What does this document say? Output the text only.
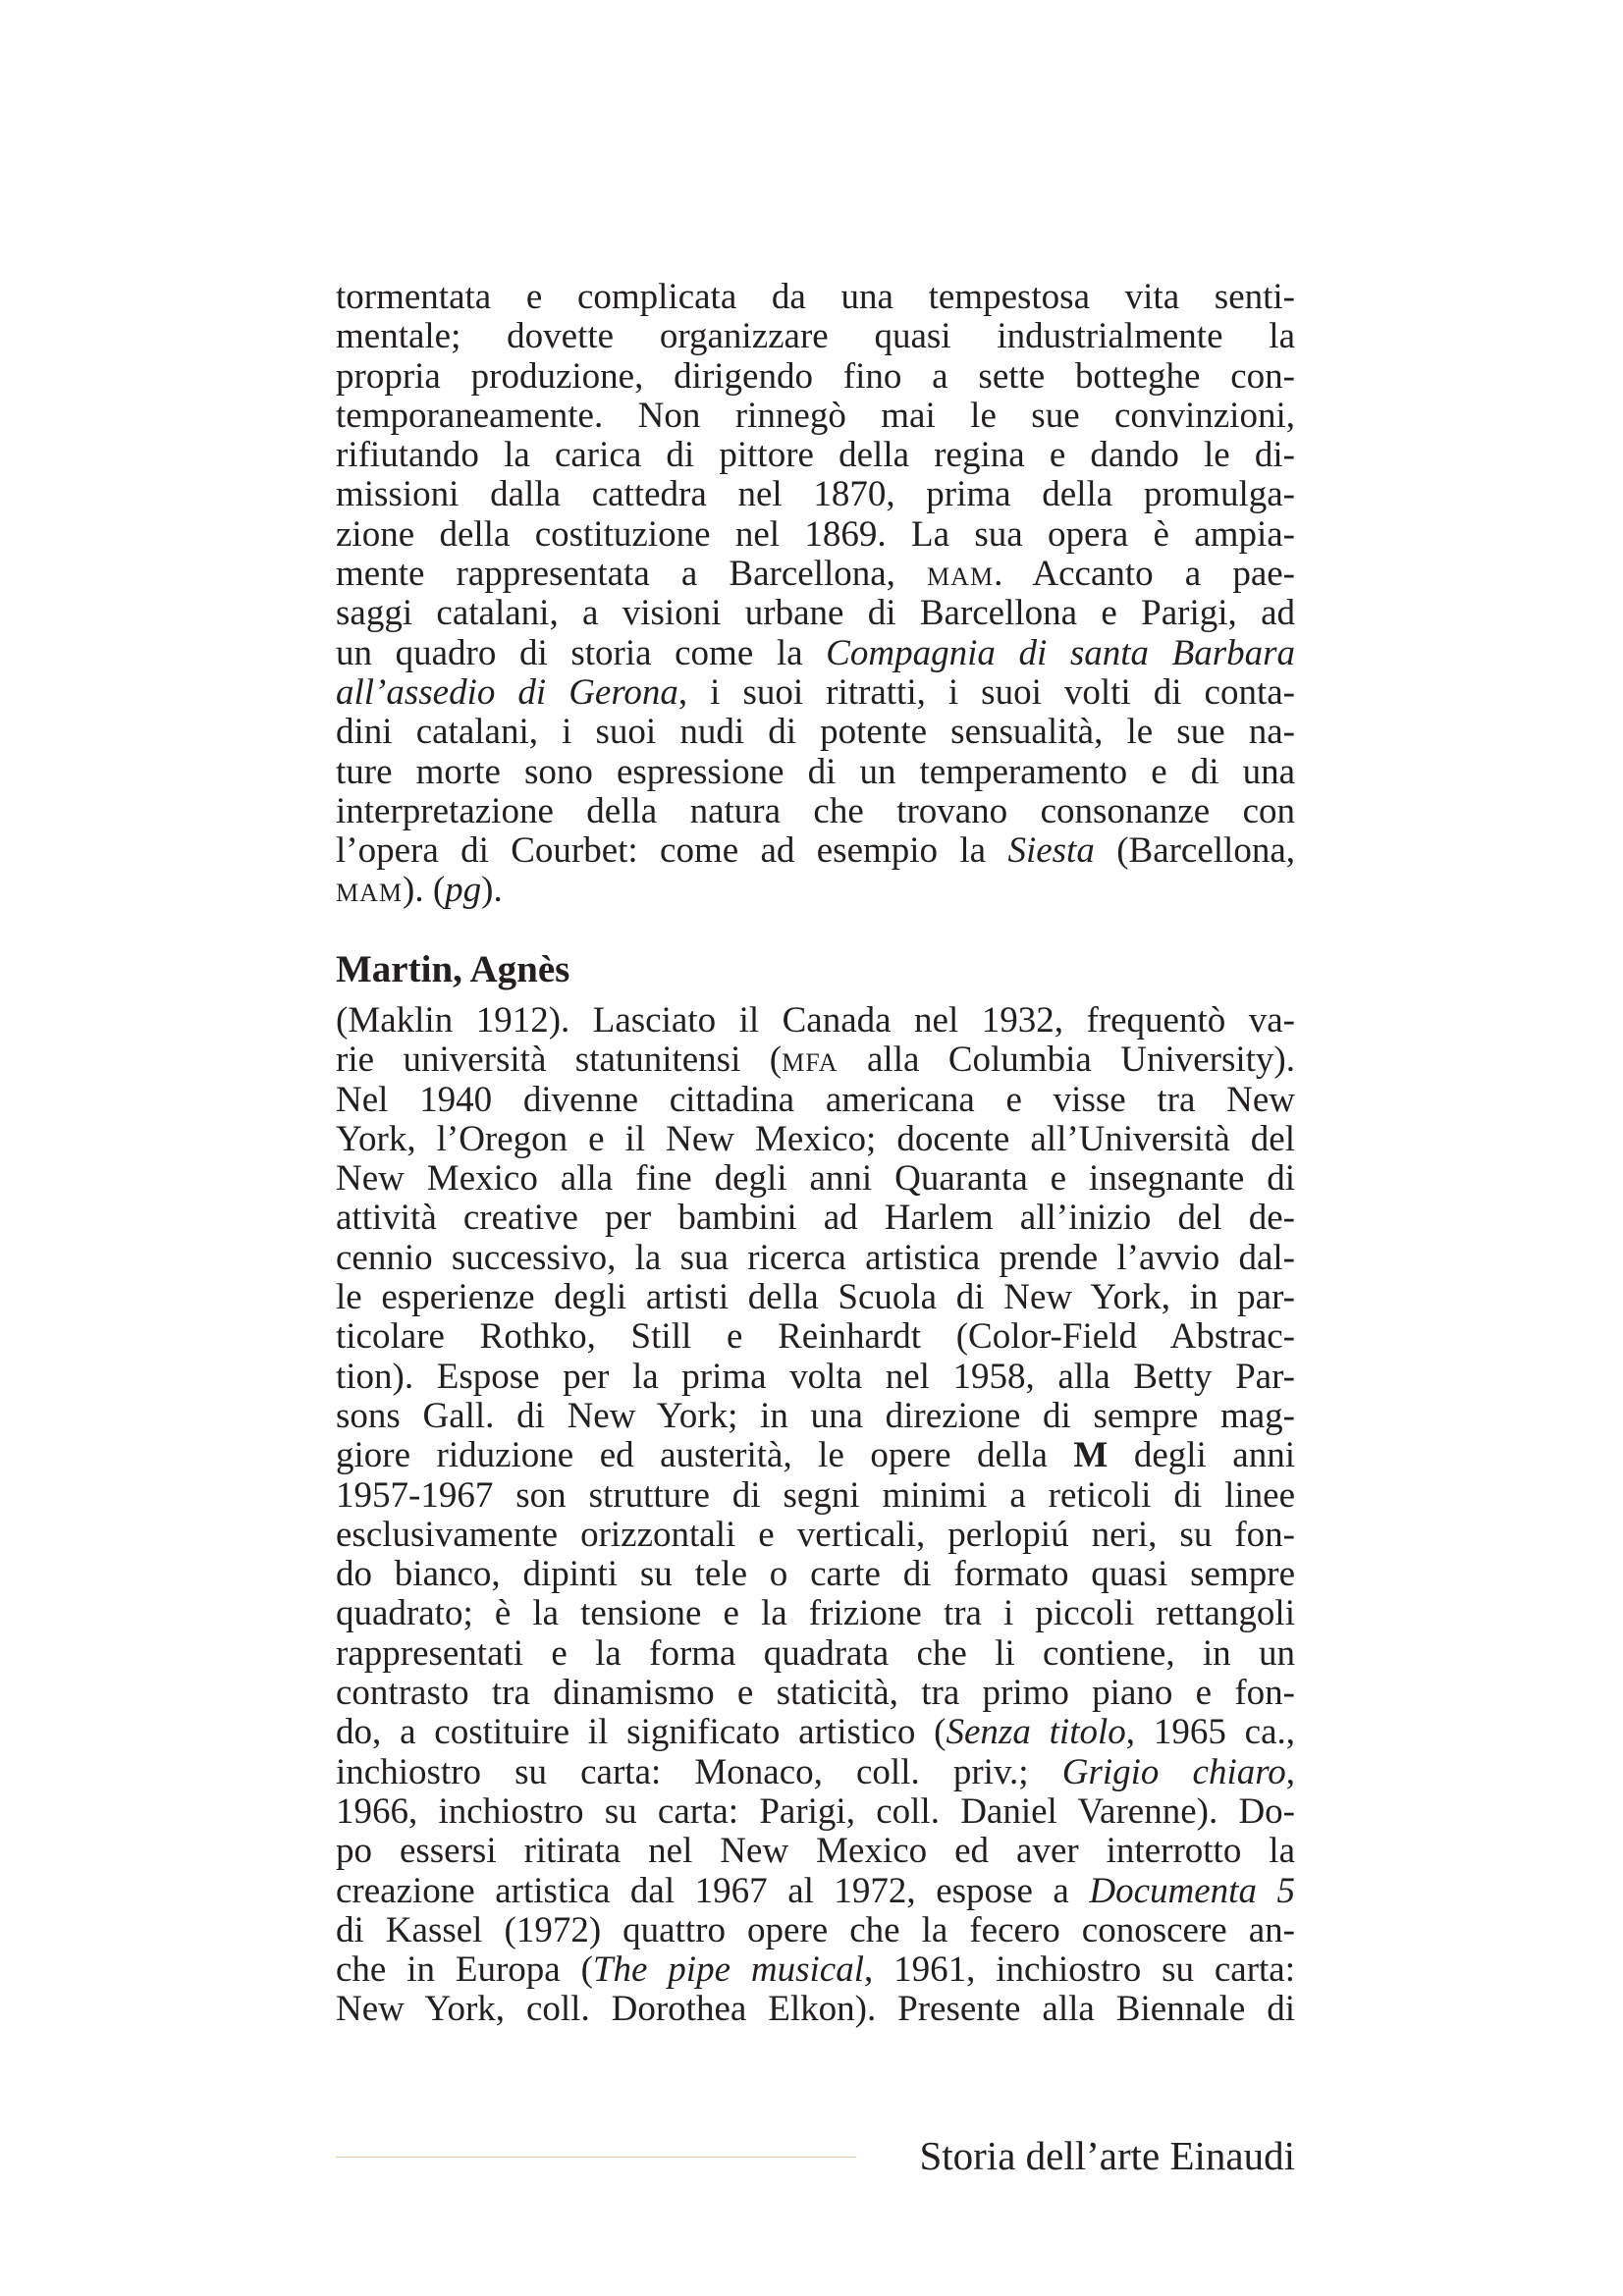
tormentata e complicata da una tempestosa vita senti-
mentale; dovette organizzare quasi industrialmente la
propria produzione, dirigendo fino a sette botteghe con-
temporaneamente. Non rinnegò mai le sue convinzioni,
rifiutando la carica di pittore della regina e dando le di-
missioni dalla cattedra nel 1870, prima della promulga-
zione della costituzione nel 1869. La sua opera è ampia-
mente rappresentata a Barcellona, MAM. Accanto a pae-
saggi catalani, a visioni urbane di Barcellona e Parigi, ad
un quadro di storia come la Compagnia di santa Barbara
all’assedio di Gerona, i suoi ritratti, i suoi volti di conta-
dini catalani, i suoi nudi di potente sensualità, le sue na-
ture morte sono espressione di un temperamento e di una
interpretazione della natura che trovano consonanze con
l’opera di Courbet: come ad esempio la Siesta (Barcellona,
MAM). (pg).
Martin, Agnès
(Maklin 1912). Lasciato il Canada nel 1932, frequentò va-
rie università statunitensi (MFA alla Columbia University).
Nel 1940 divenne cittadina americana e visse tra New
York, l’Oregon e il New Mexico; docente all’Università del
New Mexico alla fine degli anni Quaranta e insegnante di
attività creative per bambini ad Harlem all’inizio del de-
cennio successivo, la sua ricerca artistica prende l’avvio dal-
le esperienze degli artisti della Scuola di New York, in par-
ticolare Rothko, Still e Reinhardt (Color-Field Abstrac-
tion). Espose per la prima volta nel 1958, alla Betty Par-
sons Gall. di New York; in una direzione di sempre mag-
giore riduzione ed austerità, le opere della M degli anni
1957-1967 son strutture di segni minimi a reticoli di linee
esclusivamente orizzontali e verticali, perlopiú neri, su fon-
do bianco, dipinti su tele o carte di formato quasi sempre
quadrato; è la tensione e la frizione tra i piccoli rettangoli
rappresentati e la forma quadrata che li contiene, in un
contrasto tra dinamismo e staticità, tra primo piano e fon-
do, a costituire il significato artistico (Senza titolo, 1965 ca.,
inchiostro su carta: Monaco, coll. priv.; Grigio chiaro,
1966, inchiostro su carta: Parigi, coll. Daniel Varenne). Do-
po essersi ritirata nel New Mexico ed aver interrotto la
creazione artistica dal 1967 al 1972, espose a Documenta 5
di Kassel (1972) quattro opere che la fecero conoscere an-
che in Europa (The pipe musical, 1961, inchiostro su carta:
New York, coll. Dorothea Elkon). Presente alla Biennale di
Storia dell’arte Einaudi
